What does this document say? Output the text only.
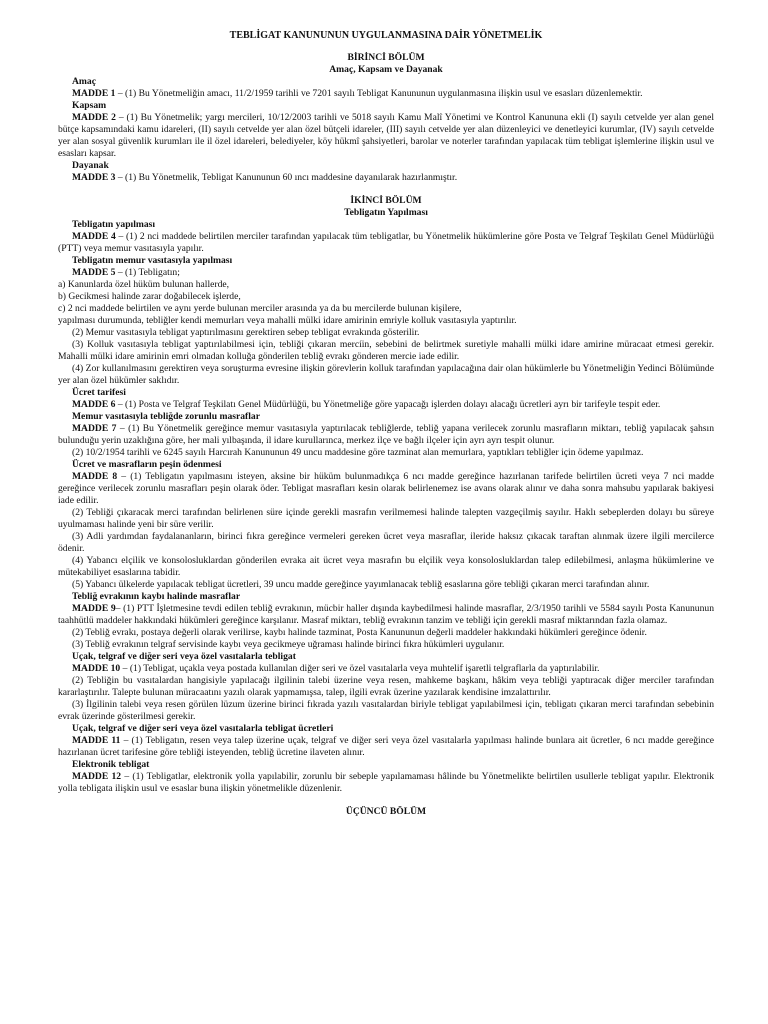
TEBLİGAT KANUNUNUN UYGULANMASINA DAİR YÖNETMELİK

BİRİNCİ BÖLÜM

Amaç, Kapsam ve Dayanak

Amaç

MADDE 1 – (1) Bu Yönetmeliğin amacı, 11/2/1959 tarihli ve 7201 sayılı Tebligat Kanununun uygulanmasına ilişkin usul ve esasları düzenlemektir.

Kapsam

MADDE 2 – (1) Bu Yönetmelik; yargı mercileri, 10/12/2003 tarihli ve 5018 sayılı Kamu Malî Yönetimi ve Kontrol Kanununa ekli (I) sayılı cetvelde yer alan genel bütçe kapsamındaki kamu idareleri, (II) sayılı cetvelde yer alan özel bütçeli idareler, (III) sayılı cetvelde yer alan düzenleyici ve denetleyici kurumlar, (IV) sayılı cetvelde yer alan sosyal güvenlik kurumları ile il özel idareleri, belediyeler, köy hükmî şahsiyetleri, barolar ve noterler tarafından yapılacak tüm tebligat işlemlerine ilişkin usul ve esasları kapsar.

Dayanak

MADDE 3 – (1) Bu Yönetmelik, Tebligat Kanununun 60 ıncı maddesine dayanılarak hazırlanmıştır.

İKİNCİ BÖLÜM

Tebligatın Yapılması

Tebligatın yapılması

MADDE 4 – (1) 2 nci maddede belirtilen merciler tarafından yapılacak tüm tebligatlar, bu Yönetmelik hükümlerine göre Posta ve Telgraf Teşkilatı Genel Müdürlüğü (PTT) veya memur vasıtasıyla yapılır.

Tebligatın memur vasıtasıyla yapılması

MADDE 5 – (1) Tebligatın;

a) Kanunlarda özel hüküm bulunan hallerde,

b) Gecikmesi halinde zarar doğabilecek işlerde,

c) 2 nci maddede belirtilen ve aynı yerde bulunan merciler arasında ya da bu mercilerde bulunan kişilere,

yapılması durumunda, tebliğler kendi memurları veya mahalli mülki idare amirinin emriyle kolluk vasıtasıyla yaptırılır.

(2) Memur vasıtasıyla tebligat yaptırılmasını gerektiren sebep tebligat evrakında gösterilir.

(3) Kolluk vasıtasıyla tebligat yaptırılabilmesi için, tebliği çıkaran mercíin, sebebini de belirtmek suretiyle mahalli mülki idare amirine müracaat etmesi gerekir. Mahalli mülki idare amirinin emri olmadan kolluğa gönderilen tebliğ evrakı gönderen mercie iade edilir.

(4) Zor kullanılmasını gerektiren veya soruşturma evresine ilişkin görevlerin kolluk tarafından yapılacağına dair olan hükümlerle bu Yönetmeliğin Yedinci Bölümünde yer alan özel hükümler saklıdır.

Ücret tarifesi

MADDE 6 – (1) Posta ve Telgraf Teşkilatı Genel Müdürlüğü, bu Yönetmeliğe göre yapacağı işlerden dolayı alacağı ücretleri ayrı bir tarifeyle tespit eder.

Memur vasıtasıyla tebliğde zorunlu masraflar

MADDE 7 – (1) Bu Yönetmelik gereğince memur vasıtasıyla yaptırılacak tebliğlerde, tebliğ yapana verilecek zorunlu masrafların miktarı, tebliğ yapılacak şahsın bulunduğu yerin uzaklığına göre, her mali yılbaşında, il idare kurullarınca, merkez ilçe ve bağlı ilçeler için ayrı ayrı tespit olunur.

(2) 10/2/1954 tarihli ve 6245 sayılı Harcırah Kanununun 49 uncu maddesine göre tazminat alan memurlara, yaptıkları tebliğler için ödeme yapılmaz.

Ücret ve masrafların peşin ödenmesi

MADDE 8 – (1) Tebligatın yapılmasını isteyen, aksine bir hüküm bulunmadıkça 6 ncı madde gereğince hazırlanan tarifede belirtilen ücreti veya 7 nci madde gereğince verilecek zorunlu masrafları peşin olarak öder. Tebligat masrafları kesin olarak belirlenemez ise avans olarak alınır ve daha sonra mahsubu yapılarak bakiyesi iade edilir.

(2) Tebliği çıkaracak merci tarafından belirlenen süre içinde gerekli masrafın verilmemesi halinde talepten vazgeçilmiş sayılır. Haklı sebeplerden dolayı bu süreye uyulmaması halinde yeni bir süre verilir.

(3) Adli yardımdan faydalananların, birinci fıkra gereğince vermeleri gereken ücret veya masraflar, ileride haksız çıkacak taraftan alınmak üzere ilgili mercilerce ödenir.

(4) Yabancı elçilik ve konsolosluklardan gönderilen evraka ait ücret veya masrafın bu elçilik veya konsolosluklardan talep edilebilmesi, anlaşma hükümlerine ve mütekabiliyet esaslarına tabidir.

(5) Yabancı ülkelerde yapılacak tebligat ücretleri, 39 uncu madde gereğince yayımlanacak tebliğ esaslarına göre tebliği çıkaran merci tarafından alınır.

Tebliğ evrakının kaybı halinde masraflar

MADDE 9– (1) PTT İşletmesine tevdi edilen tebliğ evrakının, mücbir haller dışında kaybedilmesi halinde masraflar, 2/3/1950 tarihli ve 5584 sayılı Posta Kanununun taahhütlü maddeler hakkındaki hükümleri gereğince karşılanır. Masraf miktarı, tebliğ evrakının tanzim ve tebliği için gerekli masraf miktarından fazla olamaz.

(2) Tebliğ evrakı, postaya değerli olarak verilirse, kaybı halinde tazminat, Posta Kanununun değerli maddeler hakkındaki hükümleri gereğince ödenir.

(3) Tebliğ evrakının telgraf servisinde kaybı veya gecikmeye uğraması halinde birinci fıkra hükümleri uygulanır.

Uçak, telgraf ve diğer seri veya özel vasıtalarla tebligat

MADDE 10 – (1) Tebligat, uçakla veya postada kullanılan diğer seri ve özel vasıtalarla veya muhtelif işaretli telgraflarla da yaptırılabilir.

(2) Tebliğin bu vasıtalardan hangisiyle yapılacağı ilgilinin talebi üzerine veya resen, mahkeme başkanı, hâkim veya tebliği yaptıracak diğer merciler tarafından kararlaştırılır. Talepte bulunan müracaatını yazılı olarak yapmamışsa, talep, ilgili evrak üzerine yazılarak kendisine imzalattırılır.

(3) İlgilinin talebi veya resen görülen lüzum üzerine birinci fıkrada yazılı vasıtalardan biriyle tebligat yapılabilmesi için, tebligatı çıkaran merci tarafından sebebinin evrak üzerinde gösterilmesi gerekir.

Uçak, telgraf ve diğer seri veya özel vasıtalarla tebligat ücretleri

MADDE 11 – (1) Tebligatın, resen veya talep üzerine uçak, telgraf ve diğer seri veya özel vasıtalarla yapılması halinde bunlara ait ücretler, 6 ncı madde gereğince hazırlanan ücret tarifesine göre tebliği isteyenden, tebliğ ücretine ilaveten alınır.

Elektronik tebligat

MADDE 12 – (1) Tebligatlar, elektronik yolla yapılabilir, zorunlu bir sebeple yapılamaması hâlinde bu Yönetmelikte belirtilen usullerle tebligat yapılır. Elektronik yolla tebligata ilişkin usul ve esaslar buna ilişkin yönetmelikle düzenlenir.

ÜÇÜNCÜ BÖLÜM
